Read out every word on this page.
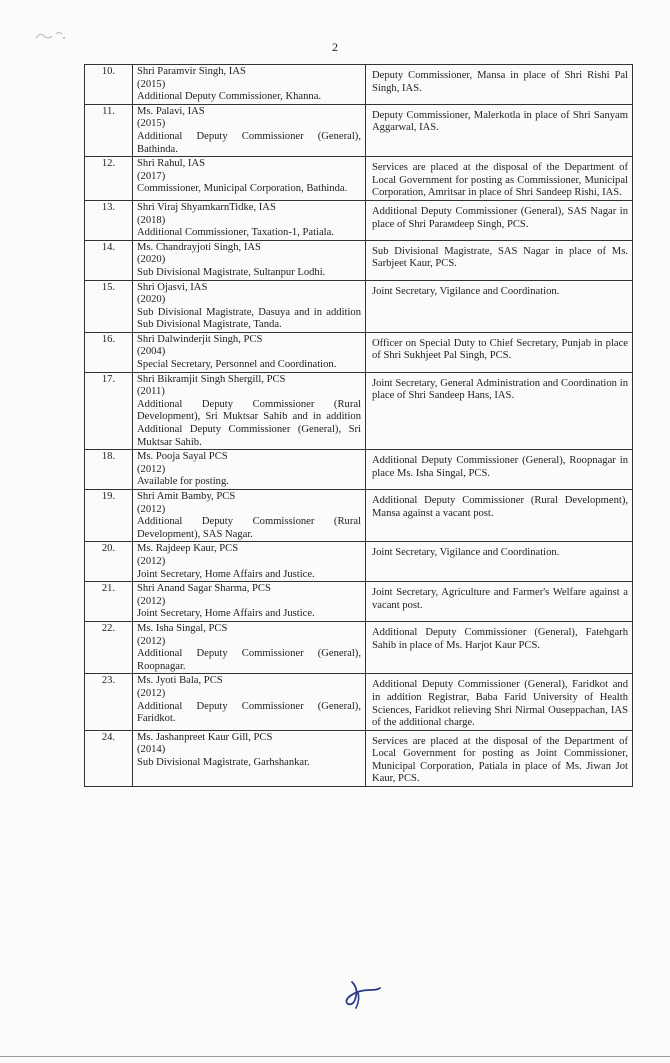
2
10.	Shri Paramvir Singh, IAS
(2015)
Additional Deputy Commissioner, Khanna.	Deputy Commissioner, Mansa in place of Shri Rishi Pal Singh, IAS.

11.	Ms. Palavi, IAS
(2015)
Additional Deputy Commissioner (General), Bathinda.	Deputy Commissioner, Malerkotla in place of Shri Sanyam Aggarwal, IAS.

12.	Shri Rahul, IAS
(2017)
Commissioner, Municipal Corporation, Bathinda.	Services are placed at the disposal of the Department of Local Government for posting as Commissioner, Municipal Corporation, Amritsar in place of Shri Sandeep Rishi, IAS.

13.	Shri Viraj ShyamkarnTidke, IAS
(2018)
Additional Commissioner, Taxation-1, Patiala.	Additional Deputy Commissioner (General), SAS Nagar in place of Shri Parамdeep Singh, PCS.

14.	Ms. Chandrayjoti Singh, IAS
(2020)
Sub Divisional Magistrate, Sultanpur Lodhi.	Sub Divisional Magistrate, SAS Nagar in place of Ms. Sarbjeet Kaur, PCS.

15.	Shri Ojasvi, IAS
(2020)
Sub Divisional Magistrate, Dasuya and in addition Sub Divisional Magistrate, Tanda.	Joint Secretary, Vigilance and Coordination.

16.	Shri Dalwinderjit Singh, PCS
(2004)
Special Secretary, Personnel and Coordination.	Officer on Special Duty to Chief Secretary, Punjab in place of Shri Sukhjeet Pal Singh, PCS.

17.	Shri Bikramjit Singh Shergill, PCS
(2011)
Additional Deputy Commissioner (Rural Development), Sri Muktsar Sahib and in addition Additional Deputy Commissioner (General), Sri Muktsar Sahib.	Joint Secretary, General Administration and Coordination in place of Shri Sandeep Hans, IAS.

18.	Ms. Pooja Sayal PCS
(2012)
Available for posting.	Additional Deputy Commissioner (General), Roopnagar in place Ms. Isha Singal, PCS.

19.	Shri Amit Bamby, PCS
(2012)
Additional Deputy Commissioner (Rural Development), SAS Nagar.	Additional Deputy Commissioner (Rural Development), Mansa against a vacant post.

20.	Ms. Rajdeep Kaur, PCS
(2012)
Joint Secretary, Home Affairs and Justice.	Joint Secretary, Vigilance and Coordination.

21.	Shri Anand Sagar Sharma, PCS
(2012)
Joint Secretary, Home Affairs and Justice.	Joint Secretary, Agriculture and Farmer's Welfare against a vacant post.

22.	Ms. Isha Singal, PCS
(2012)
Additional Deputy Commissioner (General), Roopnagar.	Additional Deputy Commissioner (General), Fatehgarh Sahib in place of Ms. Harjot Kaur PCS.

23.	Ms. Jyoti Bala, PCS
(2012)
Additional Deputy Commissioner (General), Faridkot.	Additional Deputy Commissioner (General), Faridkot and in addition Registrar, Baba Farid University of Health Sciences, Faridkot relieving Shri Nirmal Ouseppachan, IAS of the additional charge.

24.	Ms. Jashanpreet Kaur Gill, PCS
(2014)
Sub Divisional Magistrate, Garhshankar.	Services are placed at the disposal of the Department of Local Government for posting as Joint Commissioner, Municipal Corporation, Patiala in place of Ms. Jiwan Jot Kaur, PCS.
